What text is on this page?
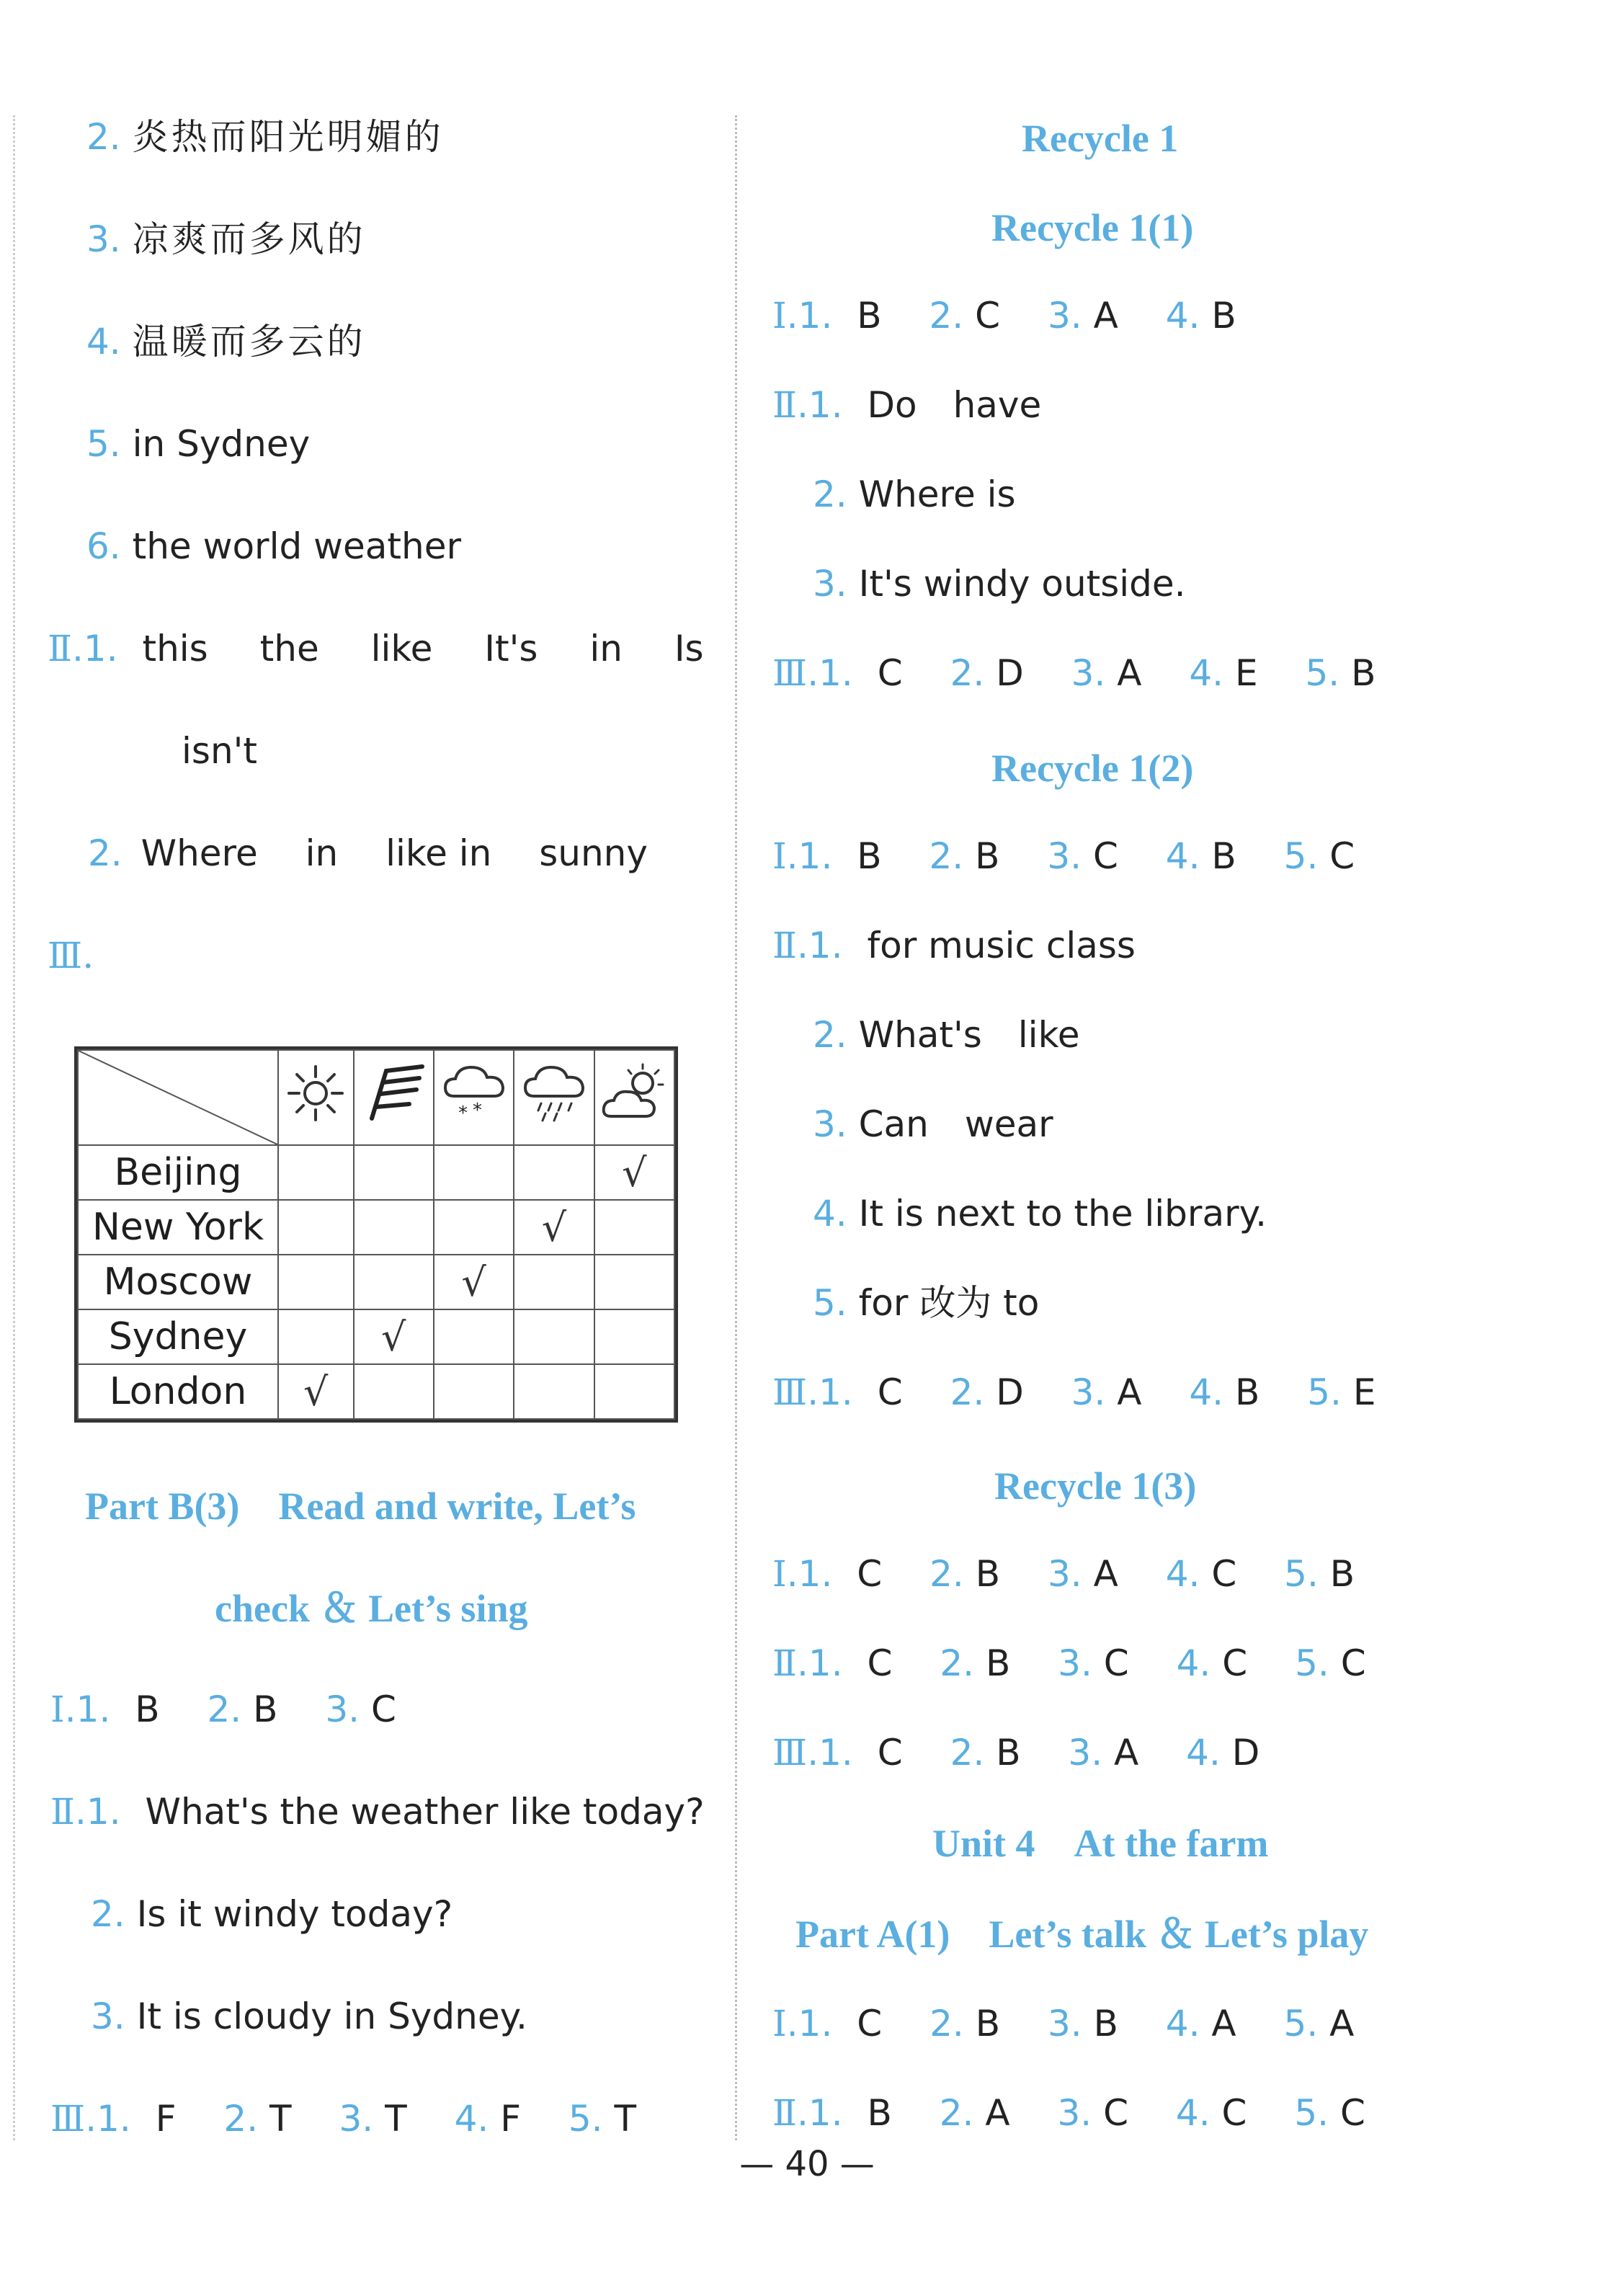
2. 炎热而阳光明媚的
3. 凉爽而多风的
4. 温暖而多云的
5. in Sydney
6. the world weather
Ⅱ.1. this the like It's in Is
isn't
2. Where in like in sunny
Ⅲ.

* *

Beijing					√
New York				√	
Moscow			√		
Sydney		√			
London	√				
Part B(3)　Read and write, Let’s
check ＆ Let’s sing
Ⅰ.1. B 2. B 3. C
Ⅱ.1. What's the weather like today?
2. Is it windy today?
3. It is cloudy in Sydney.
Ⅲ.1. F 2. T 3. T 4. F 5. T
Recycle 1
Recycle 1(1)
Ⅰ.1. B 2. C 3. A 4. B
Ⅱ.1. Do　have
2. Where is
3. It's windy outside.
Ⅲ.1. C 2. D 3. A 4. E 5. B
Recycle 1(2)
Ⅰ.1. B 2. B 3. C 4. B 5. C
Ⅱ.1. for music class
2. What's　like
3. Can　wear
4. It is next to the library.
5. for 改为 to
Ⅲ.1. C 2. D 3. A 4. B 5. E
Recycle 1(3)
Ⅰ.1. C 2. B 3. A 4. C 5. B
Ⅱ.1. C 2. B 3. C 4. C 5. C
Ⅲ.1. C 2. B 3. A 4. D
Unit 4　At the farm
Part A(1)　Let’s talk ＆ Let’s play
Ⅰ.1. C 2. B 3. B 4. A 5. A
Ⅱ.1. B 2. A 3. C 4. C 5. C
— 40 —
